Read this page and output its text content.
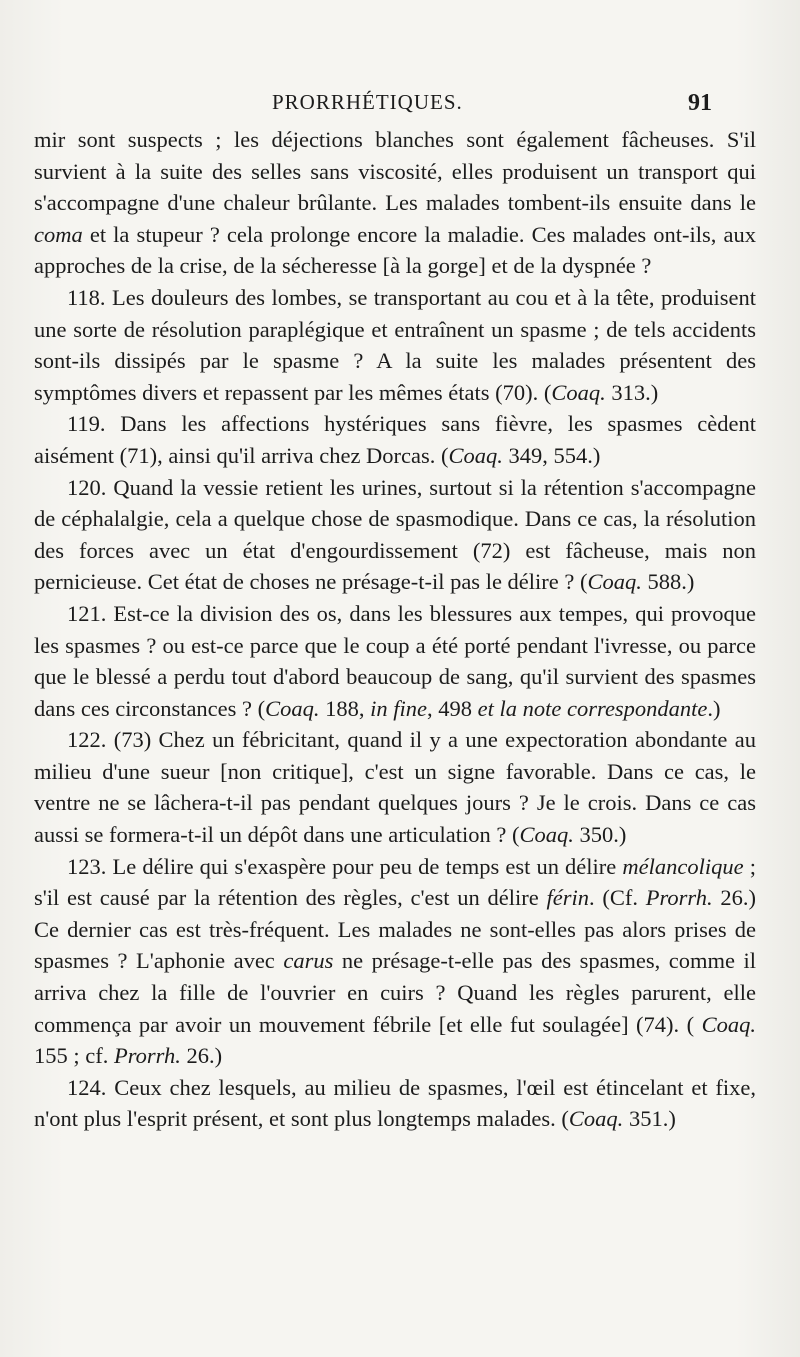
PRORRHÉTIQUES.	91

mir sont suspects ; les déjections blanches sont également fâcheuses. S'il survient à la suite des selles sans viscosité, elles produisent un transport qui s'accompagne d'une chaleur brûlante. Les malades tombent-ils ensuite dans le coma et la stupeur ? cela prolonge encore la maladie. Ces malades ont-ils, aux approches de la crise, de la sécheresse [à la gorge] et de la dyspnée ?

118. Les douleurs des lombes, se transportant au cou et à la tête, produisent une sorte de résolution paraplégique et entraînent un spasme ; de tels accidents sont-ils dissipés par le spasme ? A la suite les malades présentent des symptômes divers et repassent par les mêmes états (70). (Coaq. 313.)

119. Dans les affections hystériques sans fièvre, les spasmes cèdent aisément (71), ainsi qu'il arriva chez Dorcas. (Coaq. 349, 554.)

120. Quand la vessie retient les urines, surtout si la rétention s'accompagne de céphalalgie, cela a quelque chose de spasmodique. Dans ce cas, la résolution des forces avec un état d'engourdissement (72) est fâcheuse, mais non pernicieuse. Cet état de choses ne présage-t-il pas le délire ? (Coaq. 588.)

121. Est-ce la division des os, dans les blessures aux tempes, qui provoque les spasmes ? ou est-ce parce que le coup a été porté pendant l'ivresse, ou parce que le blessé a perdu tout d'abord beaucoup de sang, qu'il survient des spasmes dans ces circonstances ? (Coaq. 188, in fine, 498 et la note correspondante.)

122. (73) Chez un fébricitant, quand il y a une expectoration abondante au milieu d'une sueur [non critique], c'est un signe favorable. Dans ce cas, le ventre ne se lâchera-t-il pas pendant quelques jours ? Je le crois. Dans ce cas aussi se formera-t-il un dépôt dans une articulation ? (Coaq. 350.)

123. Le délire qui s'exaspère pour peu de temps est un délire mélancolique ; s'il est causé par la rétention des règles, c'est un délire férin. (Cf. Prorrh. 26.) Ce dernier cas est très-fréquent. Les malades ne sont-elles pas alors prises de spasmes ? L'aphonie avec carus ne présage-t-elle pas des spasmes, comme il arriva chez la fille de l'ouvrier en cuirs ? Quand les règles parurent, elle commença par avoir un mouvement fébrile [et elle fut soulagée] (74). ( Coaq. 155 ; cf. Prorrh. 26.)

124. Ceux chez lesquels, au milieu de spasmes, l'œil est étincelant et fixe, n'ont plus l'esprit présent, et sont plus longtemps malades. (Coaq. 351.)
